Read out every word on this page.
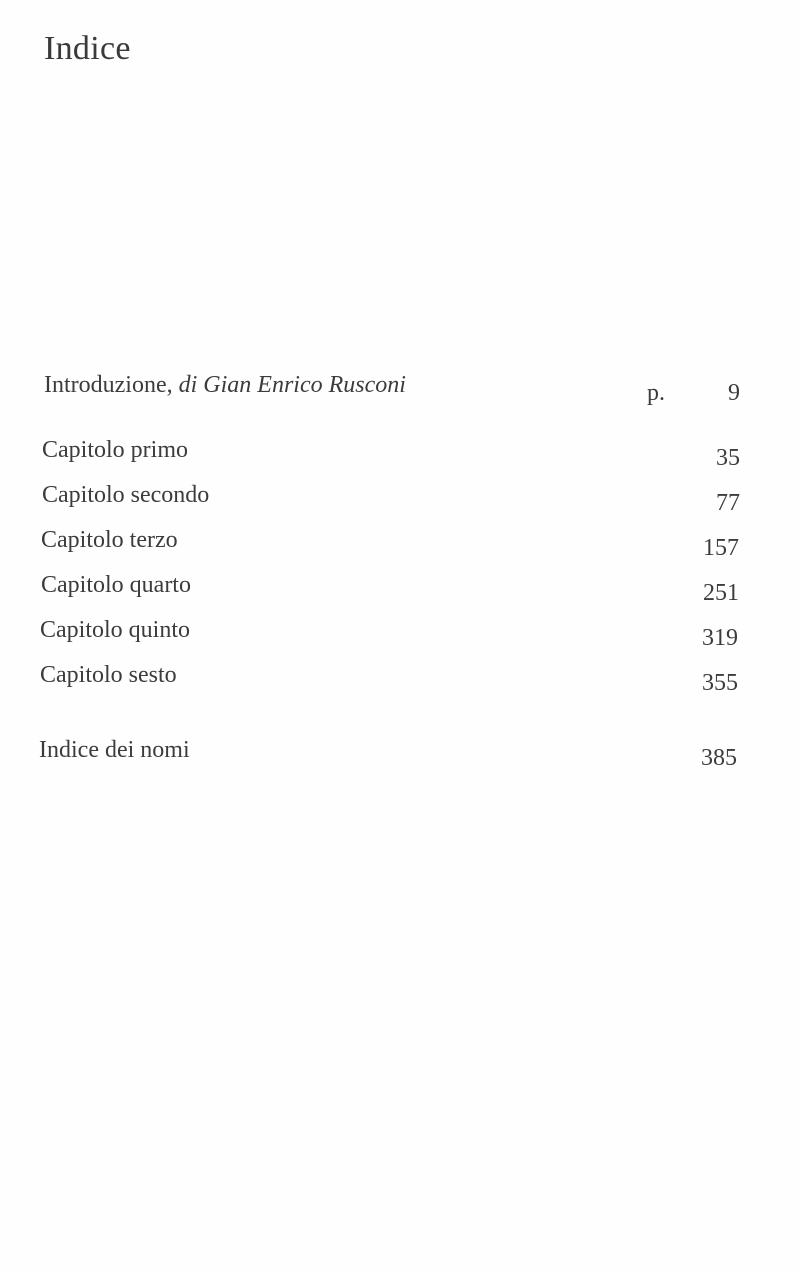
Indice
Introduzione, di Gian Enrico Rusconi	p.	9
Capitolo primo	35
Capitolo secondo	77
Capitolo terzo	157
Capitolo quarto	251
Capitolo quinto	319
Capitolo sesto	355
Indice dei nomi	385
